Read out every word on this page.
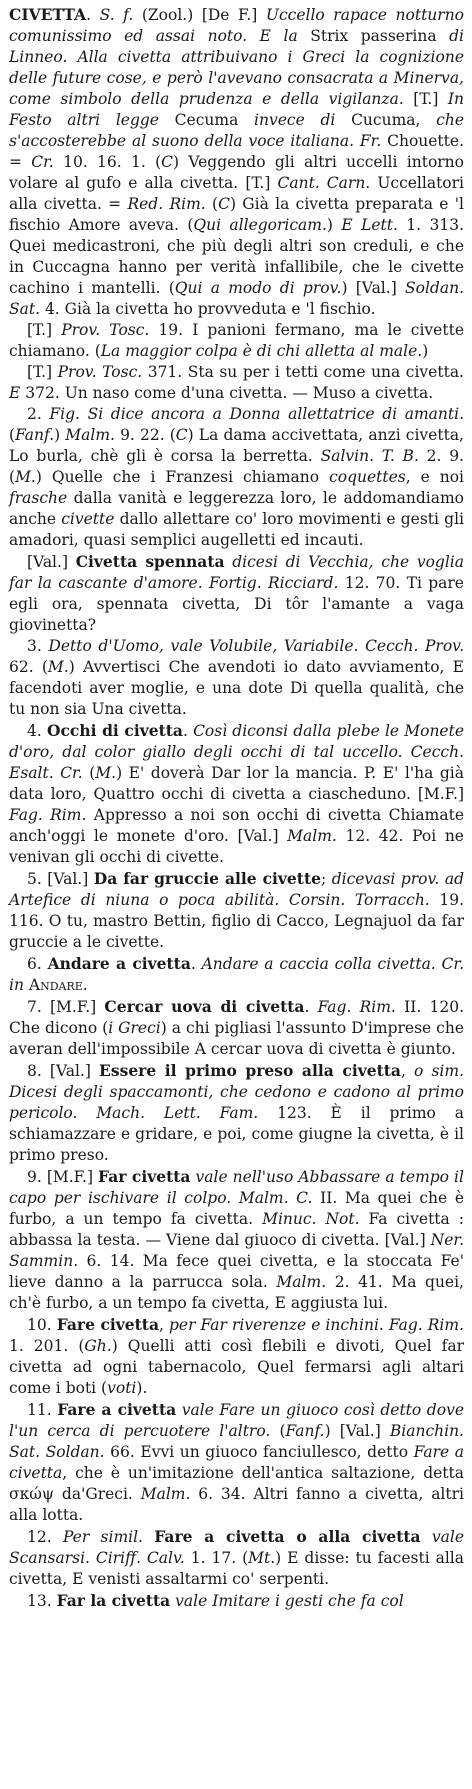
CIVETTA. S. f. (Zool.) [De F.] Uccello rapace notturno comunissimo ed assai noto. E la Strix passerina di Linneo. Alla civetta attribuivano i Greci la cognizione delle future cose, e però l'avevano consacrata a Minerva, come simbolo della prudenza e della vigilanza. [T.] In Festo altri legge Cecuma invece di Cucuma, che s'accosterebbe al suono della voce italiana. Fr. Chouette. = Cr. 10. 16. 1. (C) Veggendo gli altri uccelli intorno volare al gufo e alla civetta. [T.] Cant. Carn. Uccellatori alla civetta. = Red. Rim. (C) Già la civetta preparata e 'l fischio Amore aveva. (Qui allegoricam.) E Lett. 1. 313. Quei medicastroni, che più degli altri son creduli, e che in Cuccagna hanno per verità infallibile, che le civette cachino i mantelli. (Qui a modo di prov.) [Val.] Soldan. Sat. 4. Già la civetta ho provveduta e 'l fischio.

[T.] Prov. Tosc. 19. I panioni fermano, ma le civette chiamano. (La maggior colpa è di chi alletta al male.)

[T.] Prov. Tosc. 371. Sta su per i tetti come una civetta. E 372. Un naso come d'una civetta. — Muso a civetta.

2. Fig. Si dice ancora a Donna allettatrice di amanti. (Fanf.) Malm. 9. 22. (C) La dama accivettata, anzi civetta, Lo burla, chè gli è corsa la berretta. Salvin. T. B. 2. 9. (M.) Quelle che i Franzesi chiamano coquettes, e noi frasche dalla vanità e leggerezza loro, le addomandiamo anche civette dallo allettare co' loro movimenti e gesti gli amadori, quasi semplici augelletti ed incauti.

[Val.] Civetta spennata dicesi di Vecchia, che voglia far la cascante d'amore. Fortig. Ricciard. 12. 70. Ti pare egli ora, spennata civetta, Di tôr l'amante a vaga giovinetta?

3. Detto d'Uomo, vale Volubile, Variabile. Cecch. Prov. 62. (M.) Avvertisci Che avendoti io dato avviamento, E facendoti aver moglie, e una dote Di quella qualità, che tu non sia Una civetta.

4. Occhi di civetta. Così diconsi dalla plebe le Monete d'oro, dal color giallo degli occhi di tal uccello. Cecch. Esalt. Cr. (M.) E' doverà Dar lor la mancia. P. E' l'ha già data loro, Quattro occhi di civetta a ciascheduno. [M.F.] Fag. Rim. Appresso a noi son occhi di civetta Chiamate anch'oggi le monete d'oro. [Val.] Malm. 12. 42. Poi ne venivan gli occhi di civette.

5. [Val.] Da far gruccie alle civette; dicevasi prov. ad Artefice di niuna o poca abilità. Corsin. Torracch. 19. 116. O tu, mastro Bettin, figlio di Cacco, Legnajuol da far gruccie a le civette.

6. Andare a civetta. Andare a caccia colla civetta. Cr. in Andare.

7. [M.F.] Cercar uova di civetta. Fag. Rim. II. 120. Che dicono (i Greci) a chi pigliasi l'assunto D'imprese che averan dell'impossibile A cercar uova di civetta è giunto.

8. [Val.] Essere il primo preso alla civetta, o sim. Dicesi degli spaccamonti, che cedono e cadono al primo pericolo. Mach. Lett. Fam. 123. È il primo a schiamazzare e gridare, e poi, come giugne la civetta, è il primo preso.

9. [M.F.] Far civetta vale nell'uso Abbassare a tempo il capo per ischivare il colpo. Malm. C. II. Ma quei che è furbo, a un tempo fa civetta. Minuc. Not. Fa civetta : abbassa la testa. — Viene dal giuoco di civetta. [Val.] Ner. Sammin. 6. 14. Ma fece quei civetta, e la stoccata Fe' lieve danno a la parrucca sola. Malm. 2. 41. Ma quei, ch'è furbo, a un tempo fa civetta, E aggiusta lui.

10. Fare civetta, per Far riverenze e inchini. Fag. Rim. 1. 201. (Gh.) Quelli atti così flebili e divoti, Quel far civetta ad ogni tabernacolo, Quel fermarsi agli altari come i boti (voti).

11. Fare a civetta vale Fare un giuoco così detto dove l'un cerca di percuotere l'altro. (Fanf.) [Val.] Bianchin. Sat. Soldan. 66. Evvi un giuoco fanciullesco, detto Fare a civetta, che è un'imitazione dell'antica saltazione, detta σκώψ da'Greci. Malm. 6. 34. Altri fanno a civetta, altri alla lotta.

12. Per simil. Fare a civetta o alla civetta vale Scansarsi. Ciriff. Calv. 1. 17. (Mt.) E disse: tu facesti alla civetta, E venisti assaltarmi co' serpenti.

13. Far la civetta vale Imitare i gesti che fa col
